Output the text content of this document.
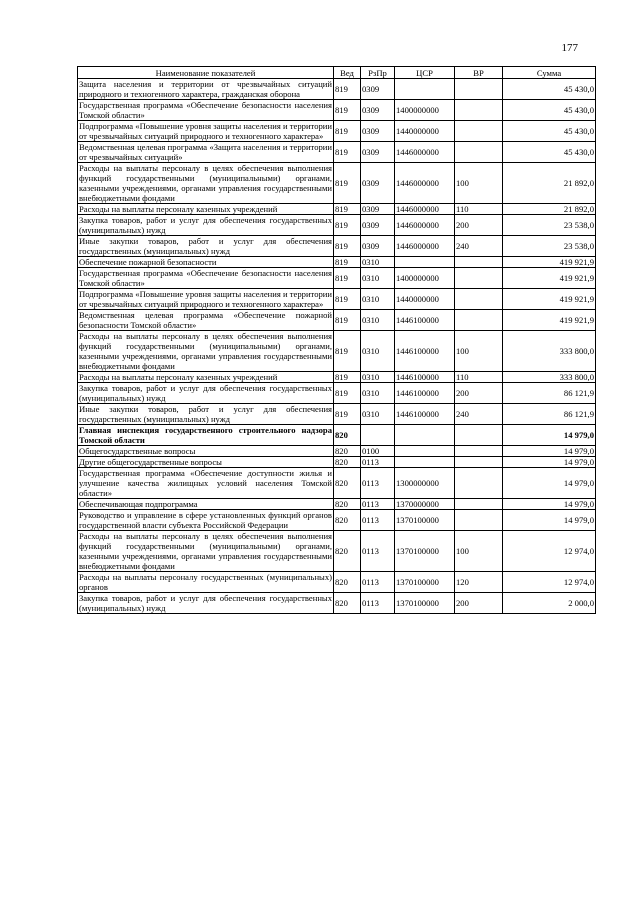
177
Наименование показателей	Вед	РзПр	ЦСР	ВР	Сумма
Защита населения и территории от чрезвычайных ситуаций природного и техногенного характера, гражданская оборона	819	0309			45 430,0
Государственная программа «Обеспечение безопасности населения Томской области»	819	0309	1400000000		45 430,0
Подпрограмма «Повышение уровня защиты населения и территории от чрезвычайных ситуаций природного и техногенного характера»	819	0309	1440000000		45 430,0
Ведомственная целевая программа «Защита населения и территории от чрезвычайных ситуаций»	819	0309	1446000000		45 430,0
Расходы на выплаты персоналу в целях обеспечения выполнения функций государственными (муниципальными) органами, казенными учреждениями, органами управления государственными внебюджетными фондами	819	0309	1446000000	100	21 892,0
Расходы на выплаты персоналу казенных учреждений	819	0309	1446000000	110	21 892,0
Закупка товаров, работ и услуг для обеспечения государственных (муниципальных) нужд	819	0309	1446000000	200	23 538,0
Иные закупки товаров, работ и услуг для обеспечения государственных (муниципальных) нужд	819	0309	1446000000	240	23 538,0
Обеспечение пожарной безопасности	819	0310			419 921,9
Государственная программа «Обеспечение безопасности населения Томской области»	819	0310	1400000000		419 921,9
Подпрограмма «Повышение уровня защиты населения и территории от чрезвычайных ситуаций природного и техногенного характера»	819	0310	1440000000		419 921,9
Ведомственная целевая программа «Обеспечение пожарной безопасности Томской области»	819	0310	1446100000		419 921,9
Расходы на выплаты персоналу в целях обеспечения выполнения функций государственными (муниципальными) органами, казенными учреждениями, органами управления государственными внебюджетными фондами	819	0310	1446100000	100	333 800,0
Расходы на выплаты персоналу казенных учреждений	819	0310	1446100000	110	333 800,0
Закупка товаров, работ и услуг для обеспечения государственных (муниципальных) нужд	819	0310	1446100000	200	86 121,9
Иные закупки товаров, работ и услуг для обеспечения государственных (муниципальных) нужд	819	0310	1446100000	240	86 121,9
Главная инспекция государственного строительного надзора Томской области	820				14 979,0
Общегосударственные вопросы	820	0100			14 979,0
Другие общегосударственные вопросы	820	0113			14 979,0
Государственная программа «Обеспечение доступности жилья и улучшение качества жилищных условий населения Томской области»	820	0113	1300000000		14 979,0
Обеспечивающая подпрограмма	820	0113	1370000000		14 979,0
Руководство и управление в сфере установленных функций органов государственной власти субъекта Российской Федерации	820	0113	1370100000		14 979,0
Расходы на выплаты персоналу в целях обеспечения выполнения функций государственными (муниципальными) органами, казенными учреждениями, органами управления государственными внебюджетными фондами	820	0113	1370100000	100	12 974,0
Расходы на выплаты персоналу государственных (муниципальных) органов	820	0113	1370100000	120	12 974,0
Закупка товаров, работ и услуг для обеспечения государственных (муниципальных) нужд	820	0113	1370100000	200	2 000,0
